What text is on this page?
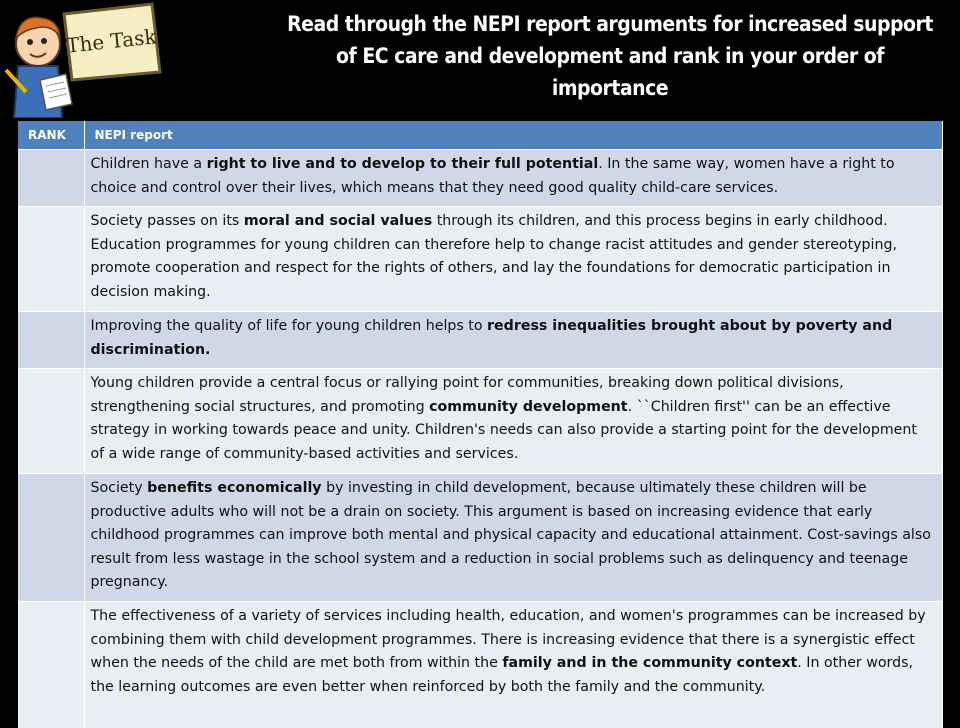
The Task
Read through the NEPI report arguments for increased support of EC care and development and rank in your order of importance
RANK	NEPI report
	Children have a right to live and to develop to their full potential. In the same way, women have a right to choice and control over their lives, which means that they need good quality child-care services.
	Society passes on its moral and social values through its children, and this process begins in early childhood. Education programmes for young children can therefore help to change racist attitudes and gender stereotyping, promote cooperation and respect for the rights of others, and lay the foundations for democratic participation in decision making.
	Improving the quality of life for young children helps to redress inequalities brought about by poverty and discrimination.
	Young children provide a central focus or rallying point for communities, breaking down political divisions, strengthening social structures, and promoting community development. ``Children first'' can be an effective strategy in working towards peace and unity. Children's needs can also provide a starting point for the development of a wide range of community-based activities and services.
	Society benefits economically by investing in child development, because ultimately these children will be productive adults who will not be a drain on society. This argument is based on increasing evidence that early childhood programmes can improve both mental and physical capacity and educational attainment. Cost-savings also result from less wastage in the school system and a reduction in social problems such as delinquency and teenage pregnancy.
	The effectiveness of a variety of services including health, education, and women's programmes can be increased by combining them with child development programmes. There is increasing evidence that there is a synergistic effect when the needs of the child are met both from within the family and in the community context. In other words, the learning outcomes are even better when reinforced by both the family and the community.
